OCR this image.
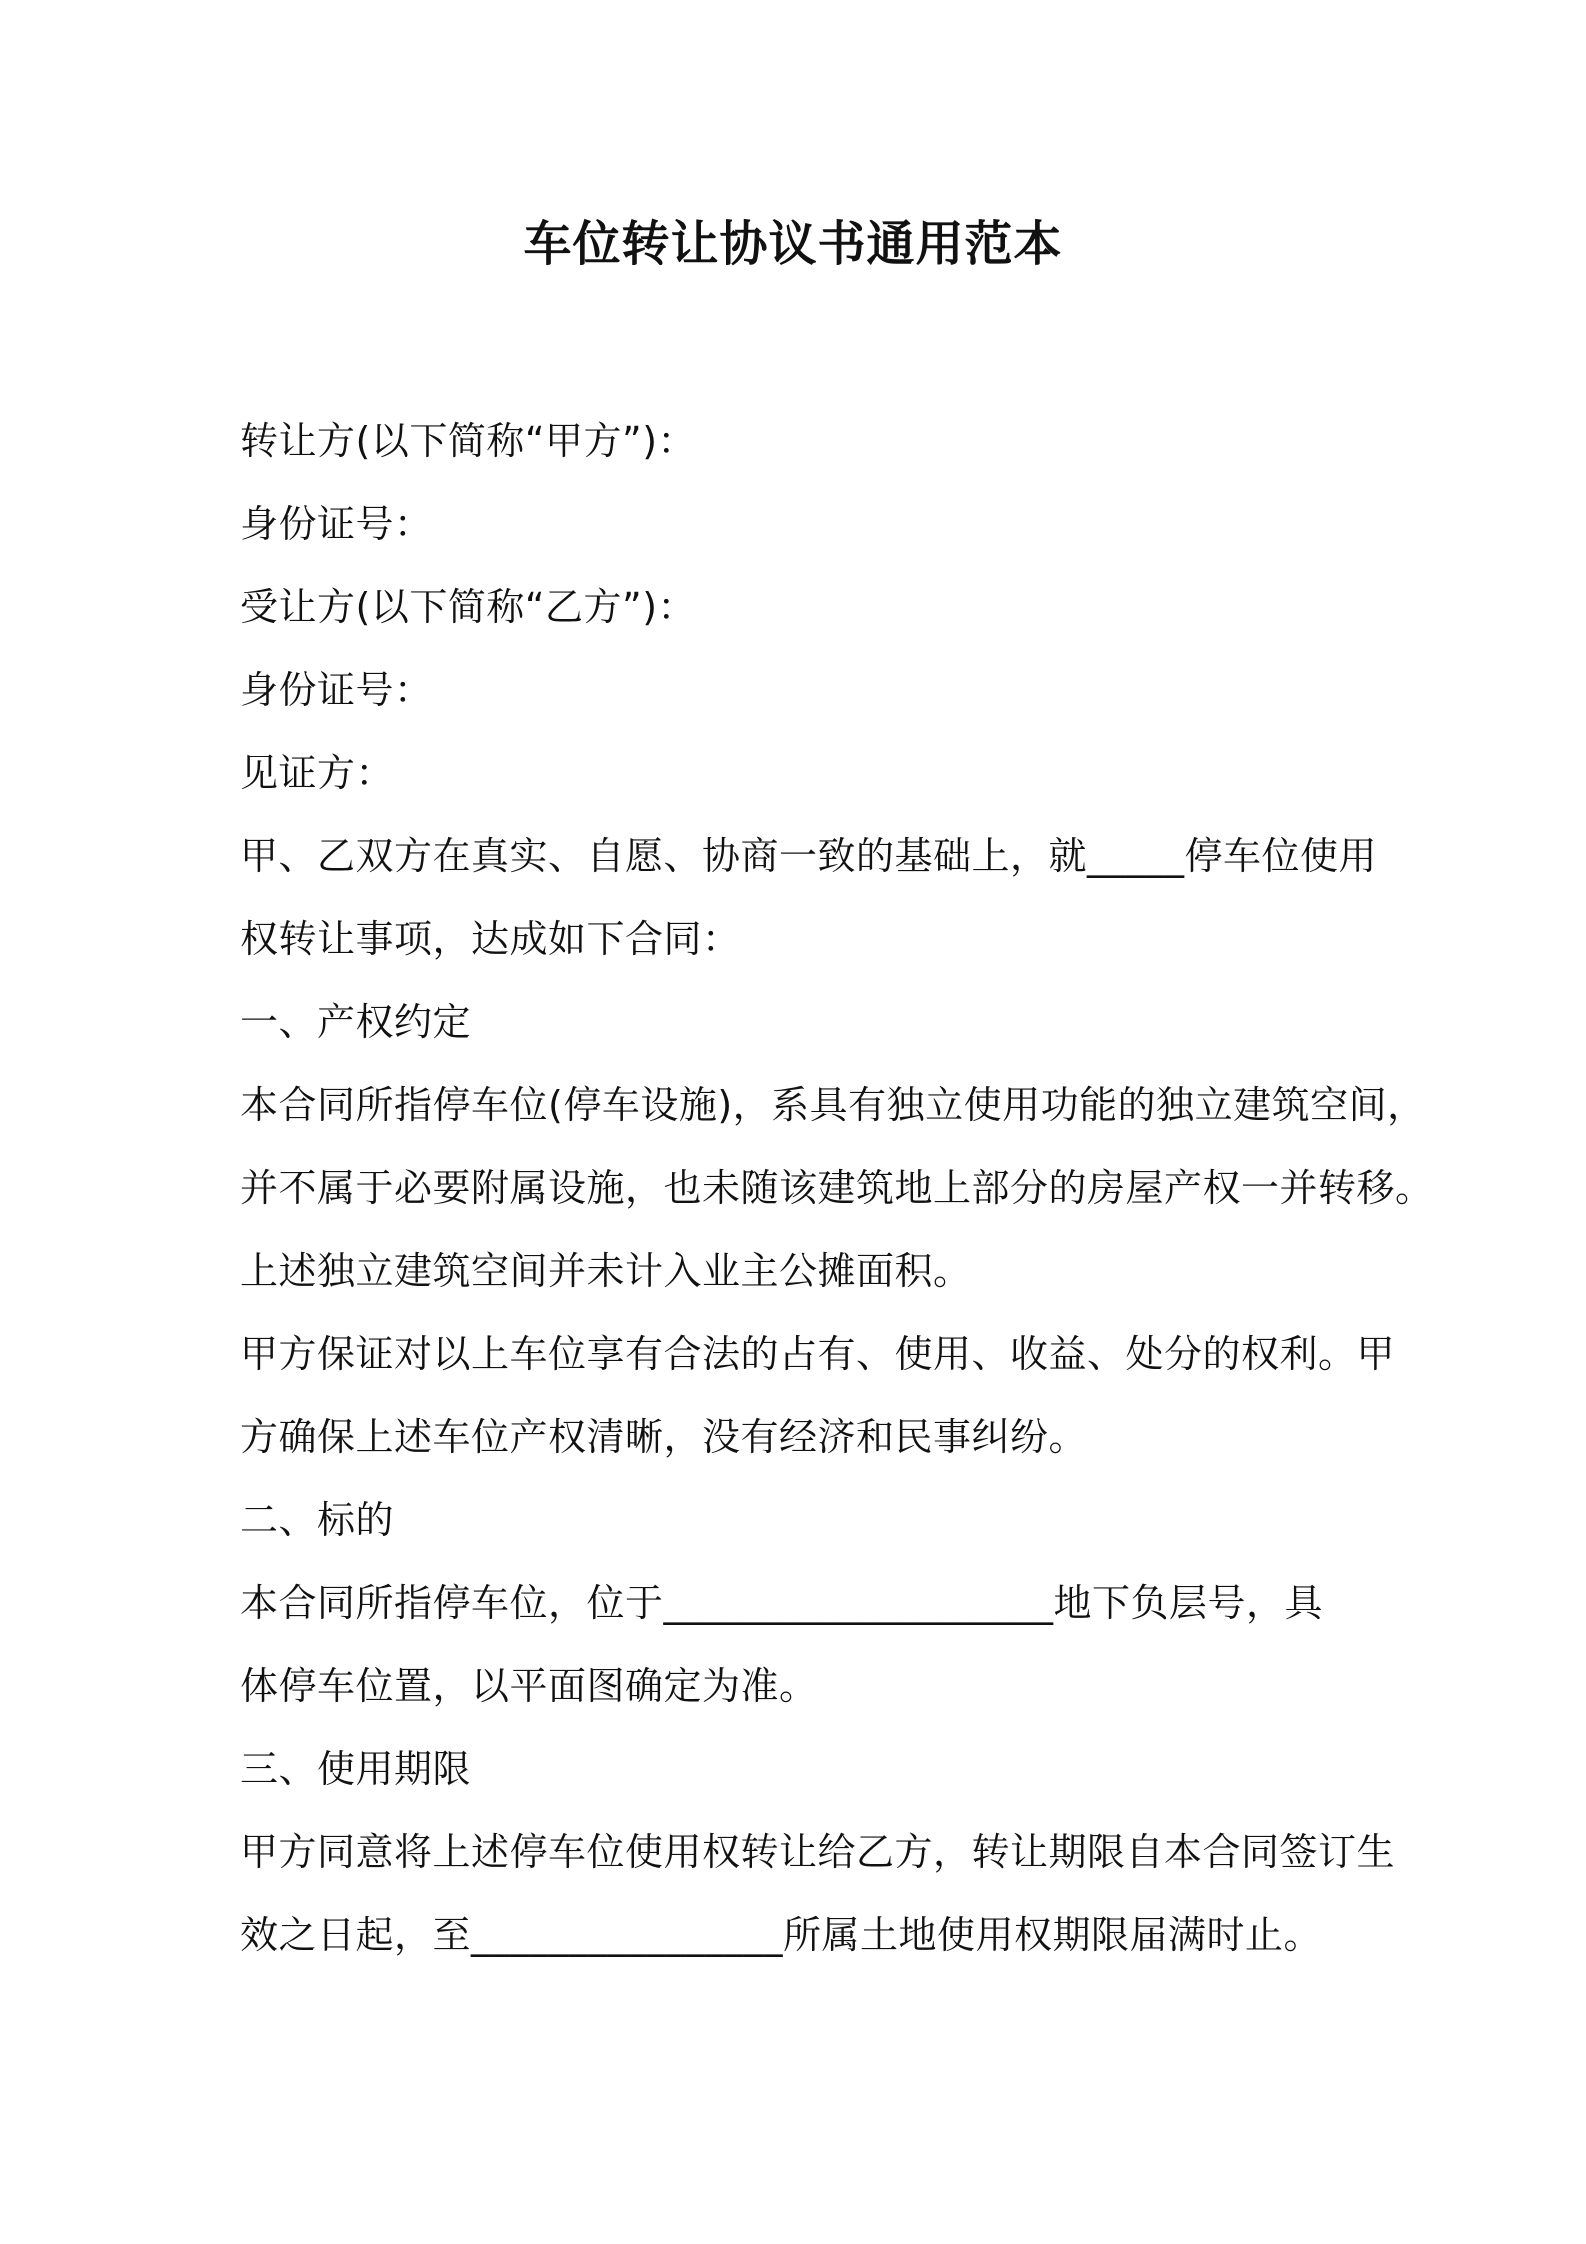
车位转让协议书通用范本
转让方(以下简称“甲方”)：
身份证号：
受让方(以下简称“乙方”)：
身份证号：
见证方：
甲、乙双方在真实、自愿、协商一致的基础上，就_____停车位使用
权转让事项，达成如下合同：
一、产权约定
本合同所指停车位(停车设施)，系具有独立使用功能的独立建筑空间，
并不属于必要附属设施，也未随该建筑地上部分的房屋产权一并转移。
上述独立建筑空间并未计入业主公摊面积。
甲方保证对以上车位享有合法的占有、使用、收益、处分的权利。甲
方确保上述车位产权清晰，没有经济和民事纠纷。
二、标的
本合同所指停车位，位于____________________地下负层号，具
体停车位置，以平面图确定为准。
三、使用期限
甲方同意将上述停车位使用权转让给乙方，转让期限自本合同签订生
效之日起，至________________所属土地使用权期限届满时止。
